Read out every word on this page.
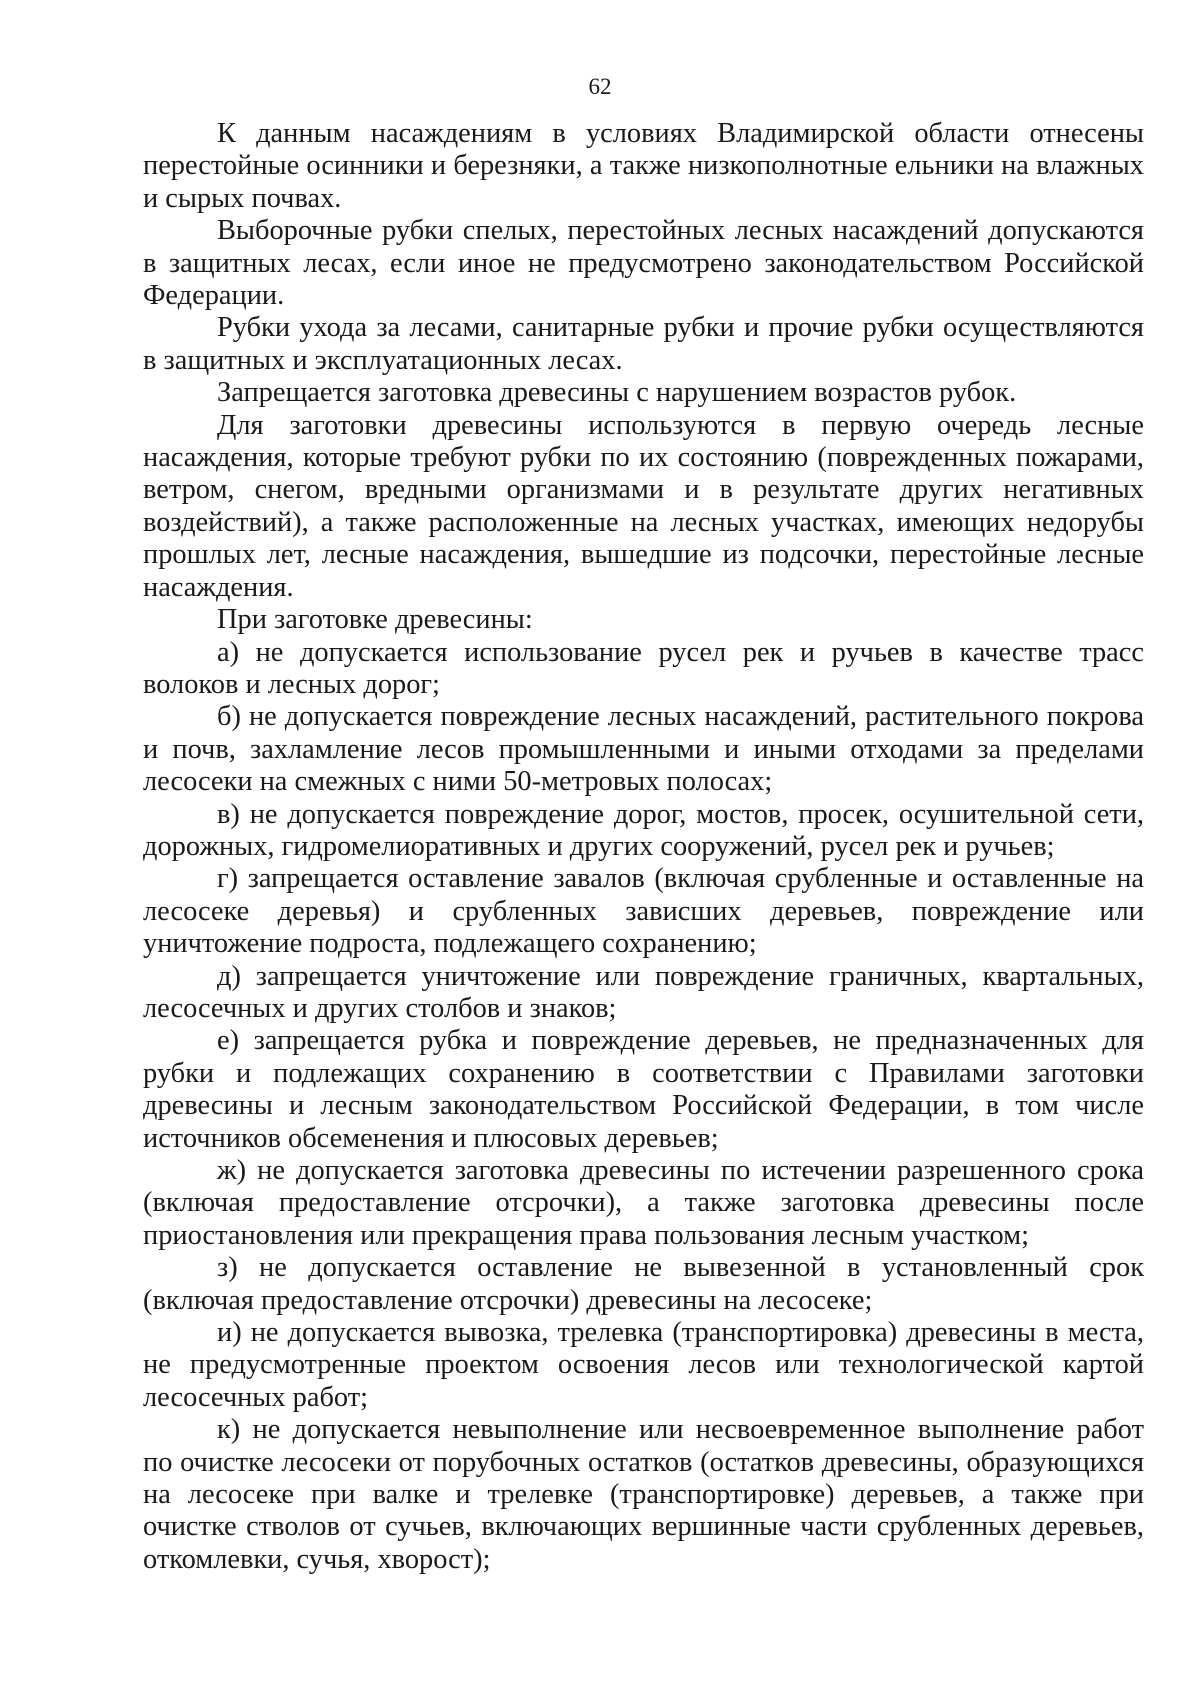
62

К данным насаждениям в условиях Владимирской области отнесены перестойные осинники и березняки, а также низкополнотные ельники на влажных и сырых почвах.

Выборочные рубки спелых, перестойных лесных насаждений допускаются в защитных лесах, если иное не предусмотрено законодательством Российской Федерации.

Рубки ухода за лесами, санитарные рубки и прочие рубки осуществляются в защитных и эксплуатационных лесах.

Запрещается заготовка древесины с нарушением возрастов рубок.

Для заготовки древесины используются в первую очередь лесные насаждения, которые требуют рубки по их состоянию (поврежденных пожарами, ветром, снегом, вредными организмами и в результате других негативных воздействий), а также расположенные на лесных участках, имеющих недорубы прошлых лет, лесные насаждения, вышедшие из подсочки, перестойные лесные насаждения.

При заготовке древесины:

а) не допускается использование русел рек и ручьев в качестве трасс волоков и лесных дорог;

б) не допускается повреждение лесных насаждений, растительного покрова и почв, захламление лесов промышленными и иными отходами за пределами лесосеки на смежных с ними 50-метровых полосах;

в) не допускается повреждение дорог, мостов, просек, осушительной сети, дорожных, гидромелиоративных и других сооружений, русел рек и ручьев;

г) запрещается оставление завалов (включая срубленные и оставленные на лесосеке деревья) и срубленных зависших деревьев, повреждение или уничтожение подроста, подлежащего сохранению;

д) запрещается уничтожение или повреждение граничных, квартальных, лесосечных и других столбов и знаков;

е) запрещается рубка и повреждение деревьев, не предназначенных для рубки и подлежащих сохранению в соответствии с Правилами заготовки древесины и лесным законодательством Российской Федерации, в том числе источников обсеменения и плюсовых деревьев;

ж) не допускается заготовка древесины по истечении разрешенного срока (включая предоставление отсрочки), а также заготовка древесины после приостановления или прекращения права пользования лесным участком;

з) не допускается оставление не вывезенной в установленный срок (включая предоставление отсрочки) древесины на лесосеке;

и) не допускается вывозка, трелевка (транспортировка) древесины в места, не предусмотренные проектом освоения лесов или технологической картой лесосечных работ;

к) не допускается невыполнение или несвоевременное выполнение работ по очистке лесосеки от порубочных остатков (остатков древесины, образующихся на лесосеке при валке и трелевке (транспортировке) деревьев, а также при очистке стволов от сучьев, включающих вершинные части срубленных деревьев, откомлевки, сучья, хворост);
